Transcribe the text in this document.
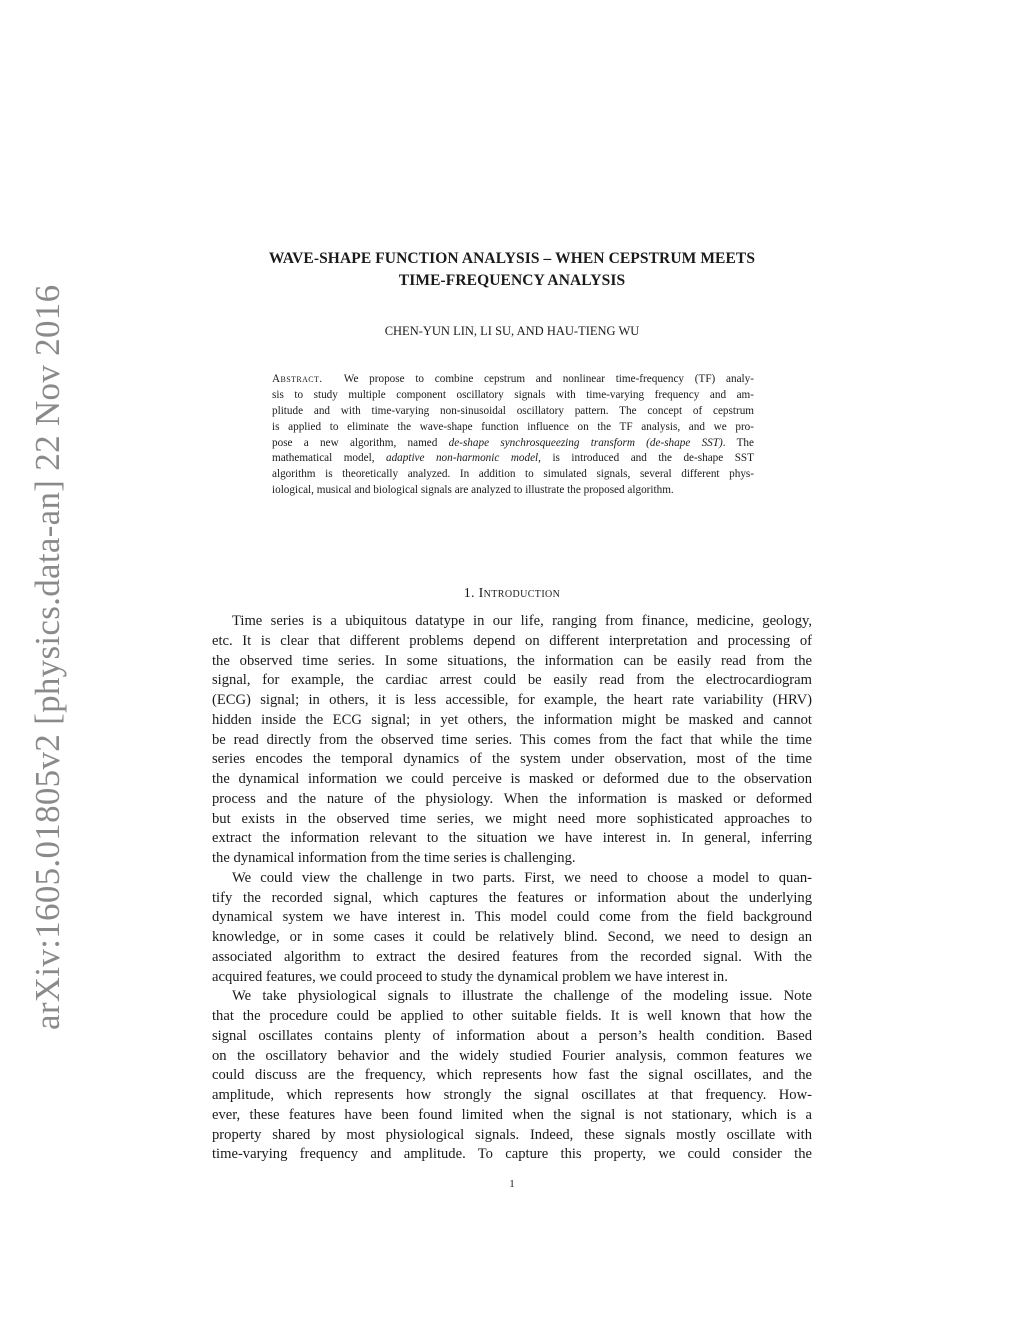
arXiv:1605.01805v2 [physics.data-an] 22 Nov 2016
WAVE-SHAPE FUNCTION ANALYSIS – WHEN CEPSTRUM MEETS
TIME-FREQUENCY ANALYSIS
CHEN-YUN LIN, LI SU, AND HAU-TIENG WU
Abstract. We propose to combine cepstrum and nonlinear time-frequency (TF) analy-
sis to study multiple component oscillatory signals with time-varying frequency and am-
plitude and with time-varying non-sinusoidal oscillatory pattern. The concept of cepstrum
is applied to eliminate the wave-shape function influence on the TF analysis, and we pro-
pose a new algorithm, named de-shape synchrosqueezing transform (de-shape SST). The
mathematical model, adaptive non-harmonic model, is introduced and the de-shape SST
algorithm is theoretically analyzed. In addition to simulated signals, several different phys-
iological, musical and biological signals are analyzed to illustrate the proposed algorithm.
1. Introduction
Time series is a ubiquitous datatype in our life, ranging from finance, medicine, geology,
etc. It is clear that different problems depend on different interpretation and processing of
the observed time series. In some situations, the information can be easily read from the
signal, for example, the cardiac arrest could be easily read from the electrocardiogram
(ECG) signal; in others, it is less accessible, for example, the heart rate variability (HRV)
hidden inside the ECG signal; in yet others, the information might be masked and cannot
be read directly from the observed time series. This comes from the fact that while the time
series encodes the temporal dynamics of the system under observation, most of the time
the dynamical information we could perceive is masked or deformed due to the observation
process and the nature of the physiology. When the information is masked or deformed
but exists in the observed time series, we might need more sophisticated approaches to
extract the information relevant to the situation we have interest in. In general, inferring
the dynamical information from the time series is challenging.
We could view the challenge in two parts. First, we need to choose a model to quan-
tify the recorded signal, which captures the features or information about the underlying
dynamical system we have interest in. This model could come from the field background
knowledge, or in some cases it could be relatively blind. Second, we need to design an
associated algorithm to extract the desired features from the recorded signal. With the
acquired features, we could proceed to study the dynamical problem we have interest in.
We take physiological signals to illustrate the challenge of the modeling issue. Note
that the procedure could be applied to other suitable fields. It is well known that how the
signal oscillates contains plenty of information about a person’s health condition. Based
on the oscillatory behavior and the widely studied Fourier analysis, common features we
could discuss are the frequency, which represents how fast the signal oscillates, and the
amplitude, which represents how strongly the signal oscillates at that frequency. How-
ever, these features have been found limited when the signal is not stationary, which is a
property shared by most physiological signals. Indeed, these signals mostly oscillate with
time-varying frequency and amplitude. To capture this property, we could consider the
1
